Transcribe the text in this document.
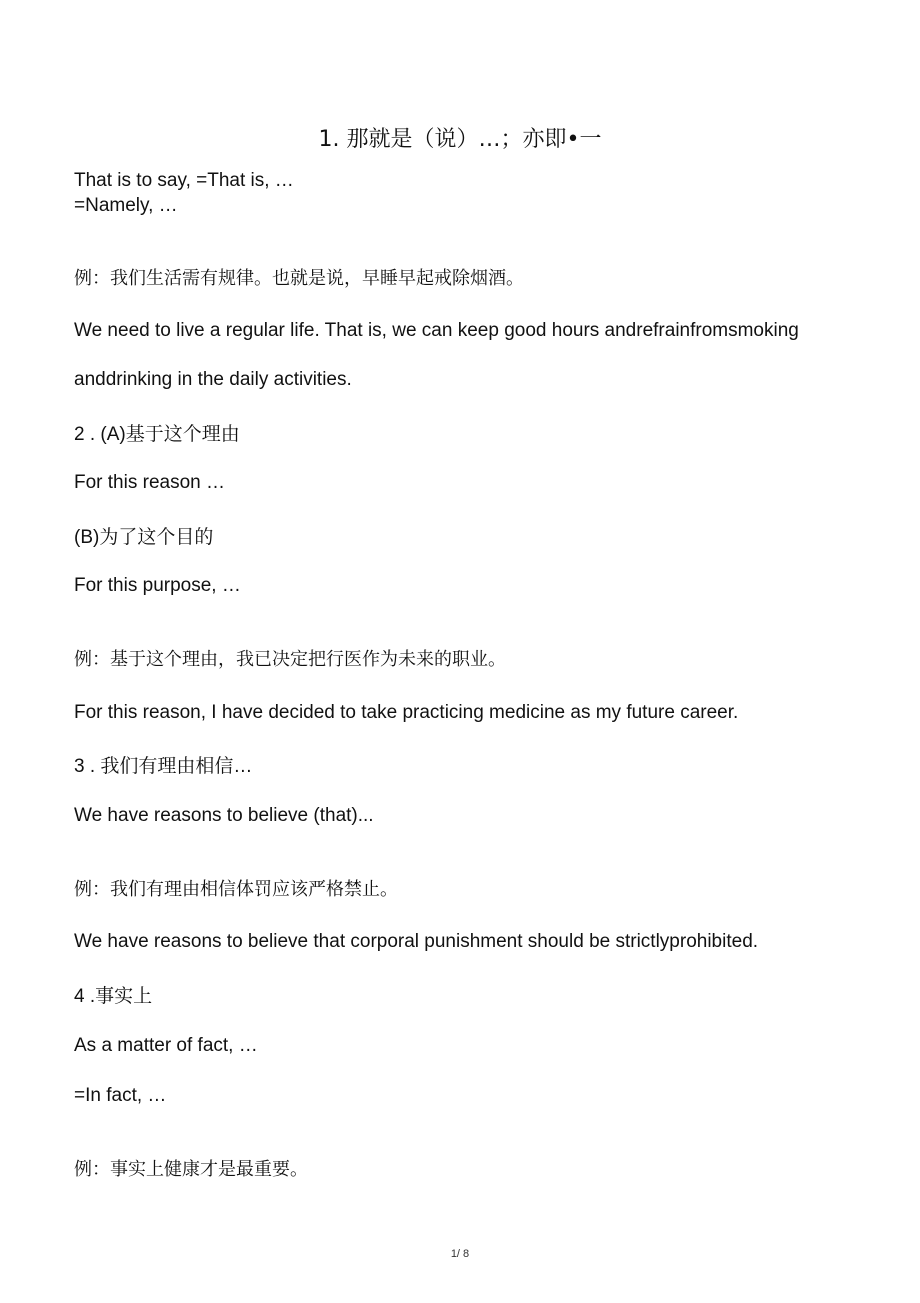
1. 那就是（说）…；亦即•一
That is to say, =That is, …
=Namely, …
例：我们生活需有规律。也就是说，早睡早起戒除烟酒。
We need to live a regular life. That is, we can keep good hours andrefrainfromsmoking
anddrinking in the daily activities.
2 . (A)基于这个理由
For this reason …
(B)为了这个目的
For this purpose, …
例：基于这个理由，我已决定把行医作为未来的职业。
For this reason, I have decided to take practicing medicine as my future career.
3 . 我们有理由相信…
We have reasons to believe (that)...
例：我们有理由相信体罚应该严格禁止。
We have reasons to believe that corporal punishment should be strictlyprohibited.
4 .事实上
As a matter of fact, …
=In fact, …
例：事实上健康才是最重要。
1/ 8
